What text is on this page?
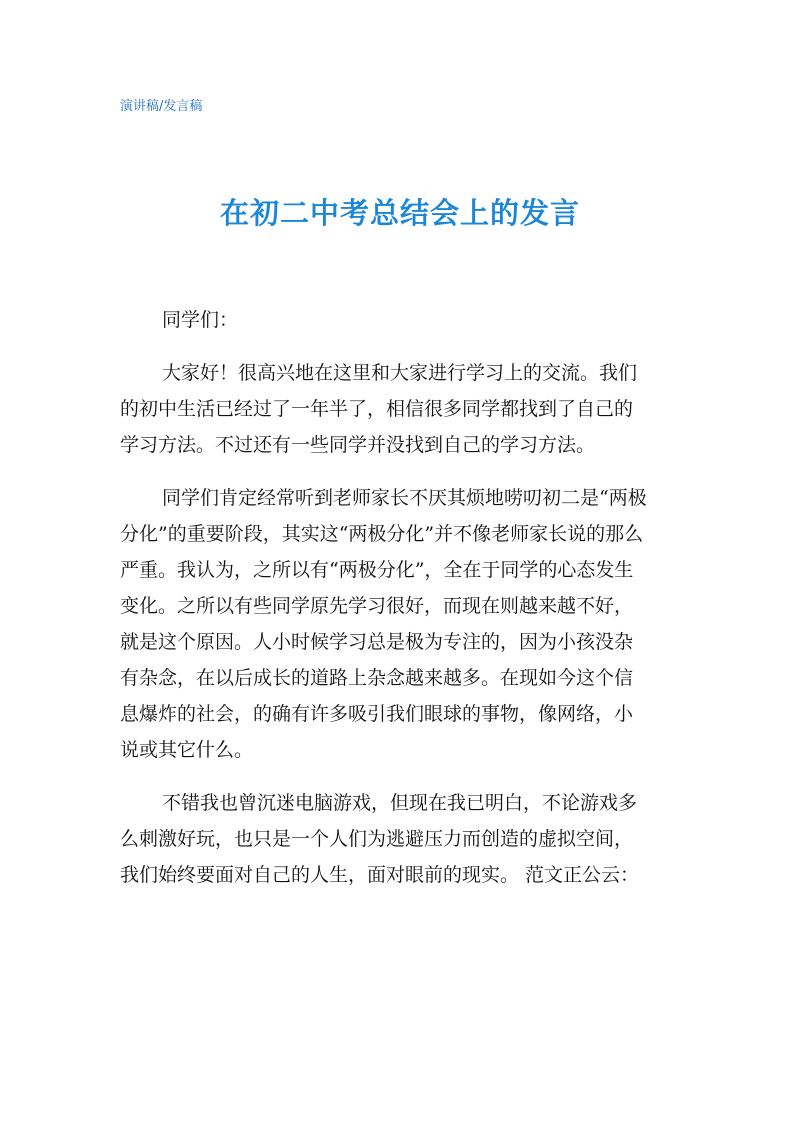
演讲稿/发言稿
在初二中考总结会上的发言

同学们：

大家好！很高兴地在这里和大家进行学习上的交流。我们
的初中生活已经过了一年半了，相信很多同学都找到了自己的
学习方法。不过还有一些同学并没找到自己的学习方法。

同学们肯定经常听到老师家长不厌其烦地唠叨初二是“两极
分化”的重要阶段，其实这“两极分化”并不像老师家长说的那么
严重。我认为，之所以有“两极分化”，全在于同学的心态发生
变化。之所以有些同学原先学习很好，而现在则越来越不好，
就是这个原因。人小时候学习总是极为专注的，因为小孩没杂
有杂念，在以后成长的道路上杂念越来越多。在现如今这个信
息爆炸的社会，的确有许多吸引我们眼球的事物，像网络，小
说或其它什么。

不错我也曾沉迷电脑游戏，但现在我已明白，不论游戏多
么刺激好玩，也只是一个人们为逃避压力而创造的虚拟空间，
我们始终要面对自己的人生，面对眼前的现实。 范文正公云：
